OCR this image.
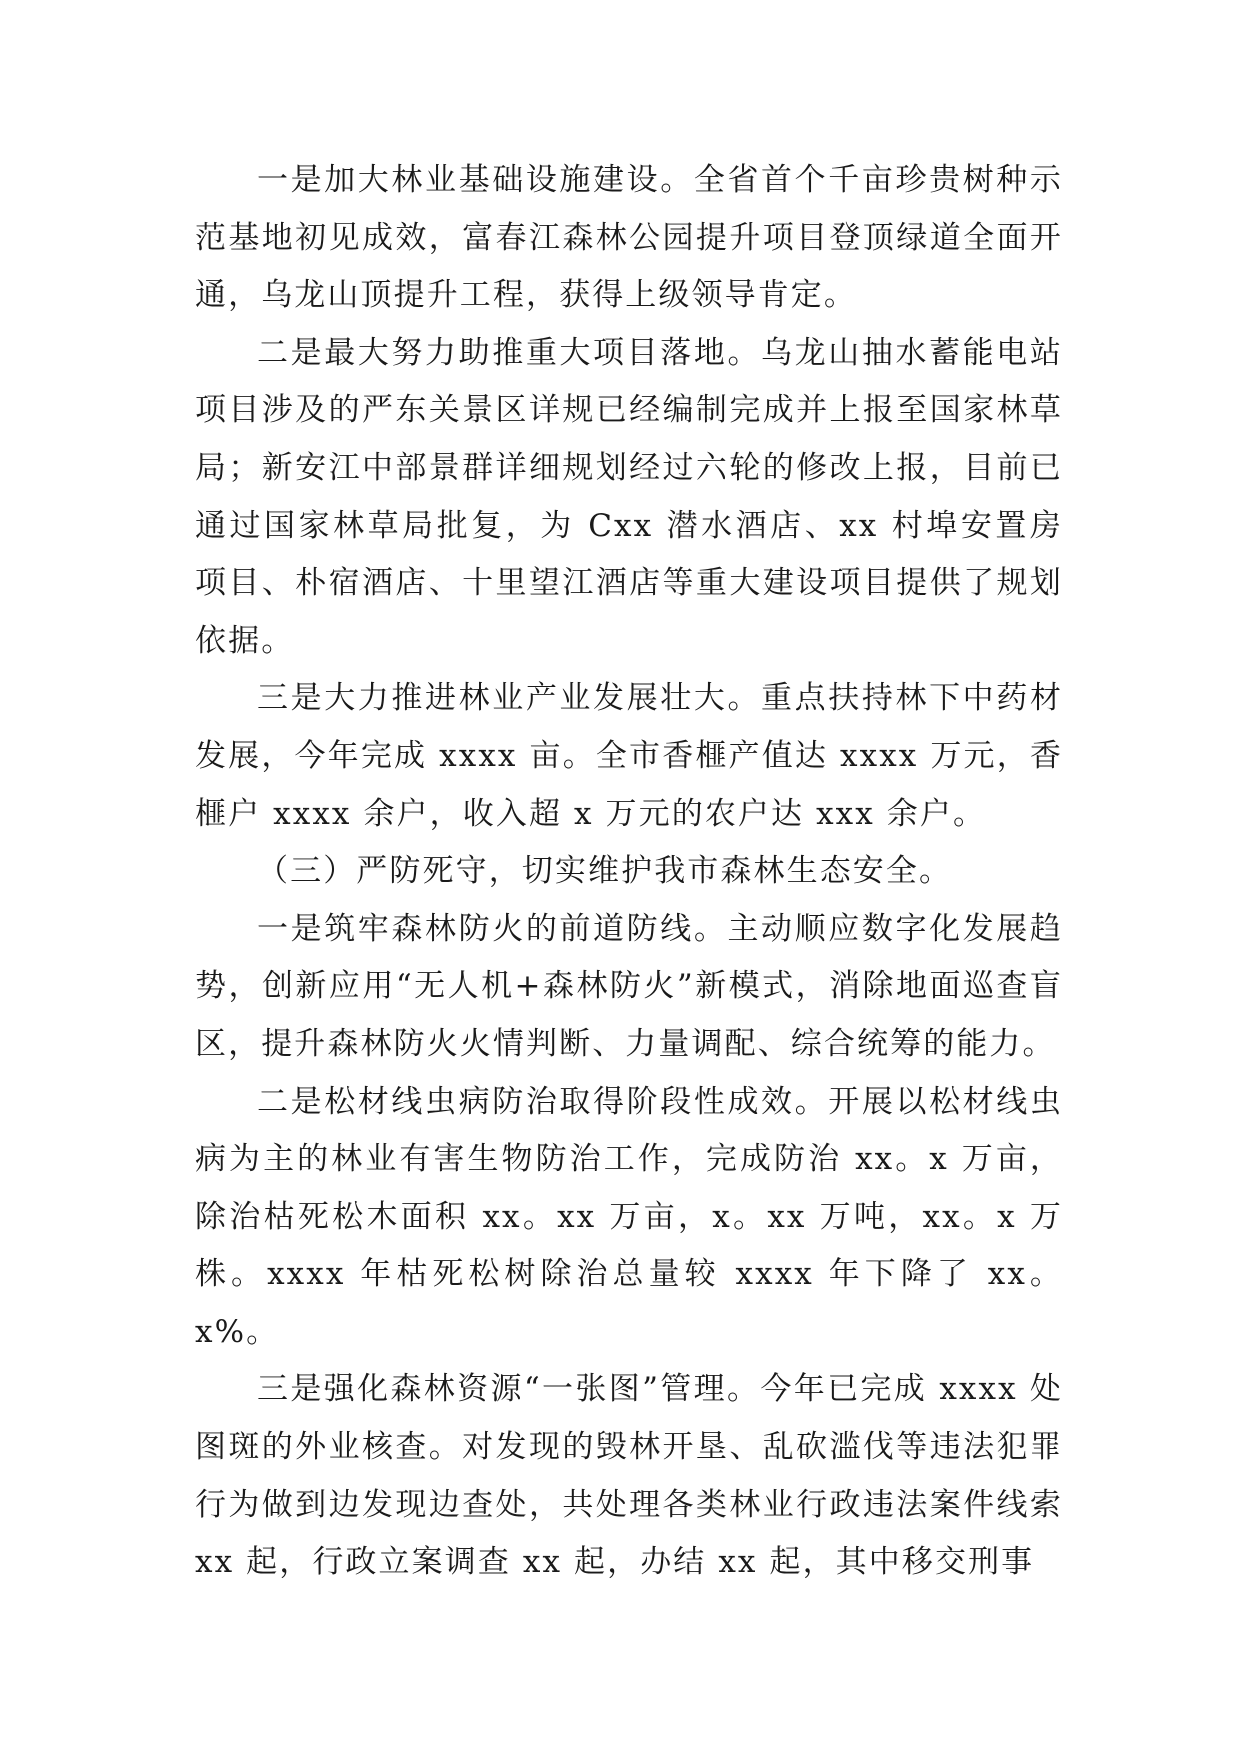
一是加大林业基础设施建设。全省首个千亩珍贵树种示范基地初见成效，富春江森林公园提升项目登顶绿道全面开通，乌龙山顶提升工程，获得上级领导肯定。

二是最大努力助推重大项目落地。乌龙山抽水蓄能电站项目涉及的严东关景区详规已经编制完成并上报至国家林草局；新安江中部景群详细规划经过六轮的修改上报，目前已通过国家林草局批复，为 Cxx 潜水酒店、xx 村埠安置房项目、朴宿酒店、十里望江酒店等重大建设项目提供了规划依据。

三是大力推进林业产业发展壮大。重点扶持林下中药材发展，今年完成 xxxx 亩。全市香榧产值达 xxxx 万元，香榧户 xxxx 余户，收入超 x 万元的农户达 xxx 余户。

（三）严防死守，切实维护我市森林生态安全。

一是筑牢森林防火的前道防线。主动顺应数字化发展趋势，创新应用“无人机+森林防火”新模式，消除地面巡查盲区，提升森林防火火情判断、力量调配、综合统筹的能力。

二是松材线虫病防治取得阶段性成效。开展以松材线虫病为主的林业有害生物防治工作，完成防治 xx。x 万亩，除治枯死松木面积 xx。xx 万亩，x。xx 万吨，xx。x 万株。xxxx 年枯死松树除治总量较 xxxx 年下降了 xx。x%。

三是强化森林资源“一张图”管理。今年已完成 xxxx 处图斑的外业核查。对发现的毁林开垦、乱砍滥伐等违法犯罪行为做到边发现边查处，共处理各类林业行政违法案件线索 xx 起，行政立案调查 xx 起，办结 xx 起，其中移交刑事
